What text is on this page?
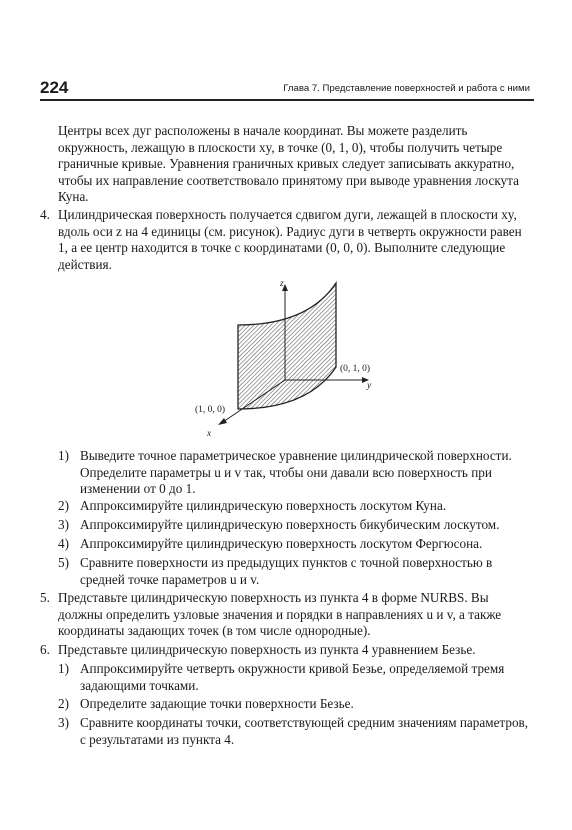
224	Глава 7. Представление поверхностей и работа с ними

Центры всех дуг расположены в начале координат. Вы можете разделить окружность, лежащую в плоскости xy, в точке (0, 1, 0), чтобы получить четыре граничные кривые. Уравнения граничных кривых следует записывать аккуратно, чтобы их направление соответствовало принятому при выводе уравнения лоскута Куна.

4. Цилиндрическая поверхность получается сдвигом дуги, лежащей в плоскости xy, вдоль оси z на 4 единицы (см. рисунок). Радиус дуги в четверть окружности равен 1, а ее центр находится в точке с координатами (0, 0, 0). Выполните следующие действия.

z
y
x
(0, 1, 0)
(1, 0, 0)
1) Выведите точное параметрическое уравнение цилиндрической поверхности. Определите параметры u и v так, чтобы они давали всю поверхность при изменении от 0 до 1.

2) Аппроксимируйте цилиндрическую поверхность лоскутом Куна.

3) Аппроксимируйте цилиндрическую поверхность бикубическим лоскутом.

4) Аппроксимируйте цилиндрическую поверхность лоскутом Фергюсона.

5) Сравните поверхности из предыдущих пунктов с точной поверхностью в средней точке параметров u и v.

5. Представьте цилиндрическую поверхность из пункта 4 в форме NURBS. Вы должны определить узловые значения и порядки в направлениях u и v, а также координаты задающих точек (в том числе однородные).

6. Представьте цилиндрическую поверхность из пункта 4 уравнением Безье.

1) Аппроксимируйте четверть окружности кривой Безье, определяемой тремя задающими точками.

2) Определите задающие точки поверхности Безье.

3) Сравните координаты точки, соответствующей средним значениям параметров, с результатами из пункта 4.
